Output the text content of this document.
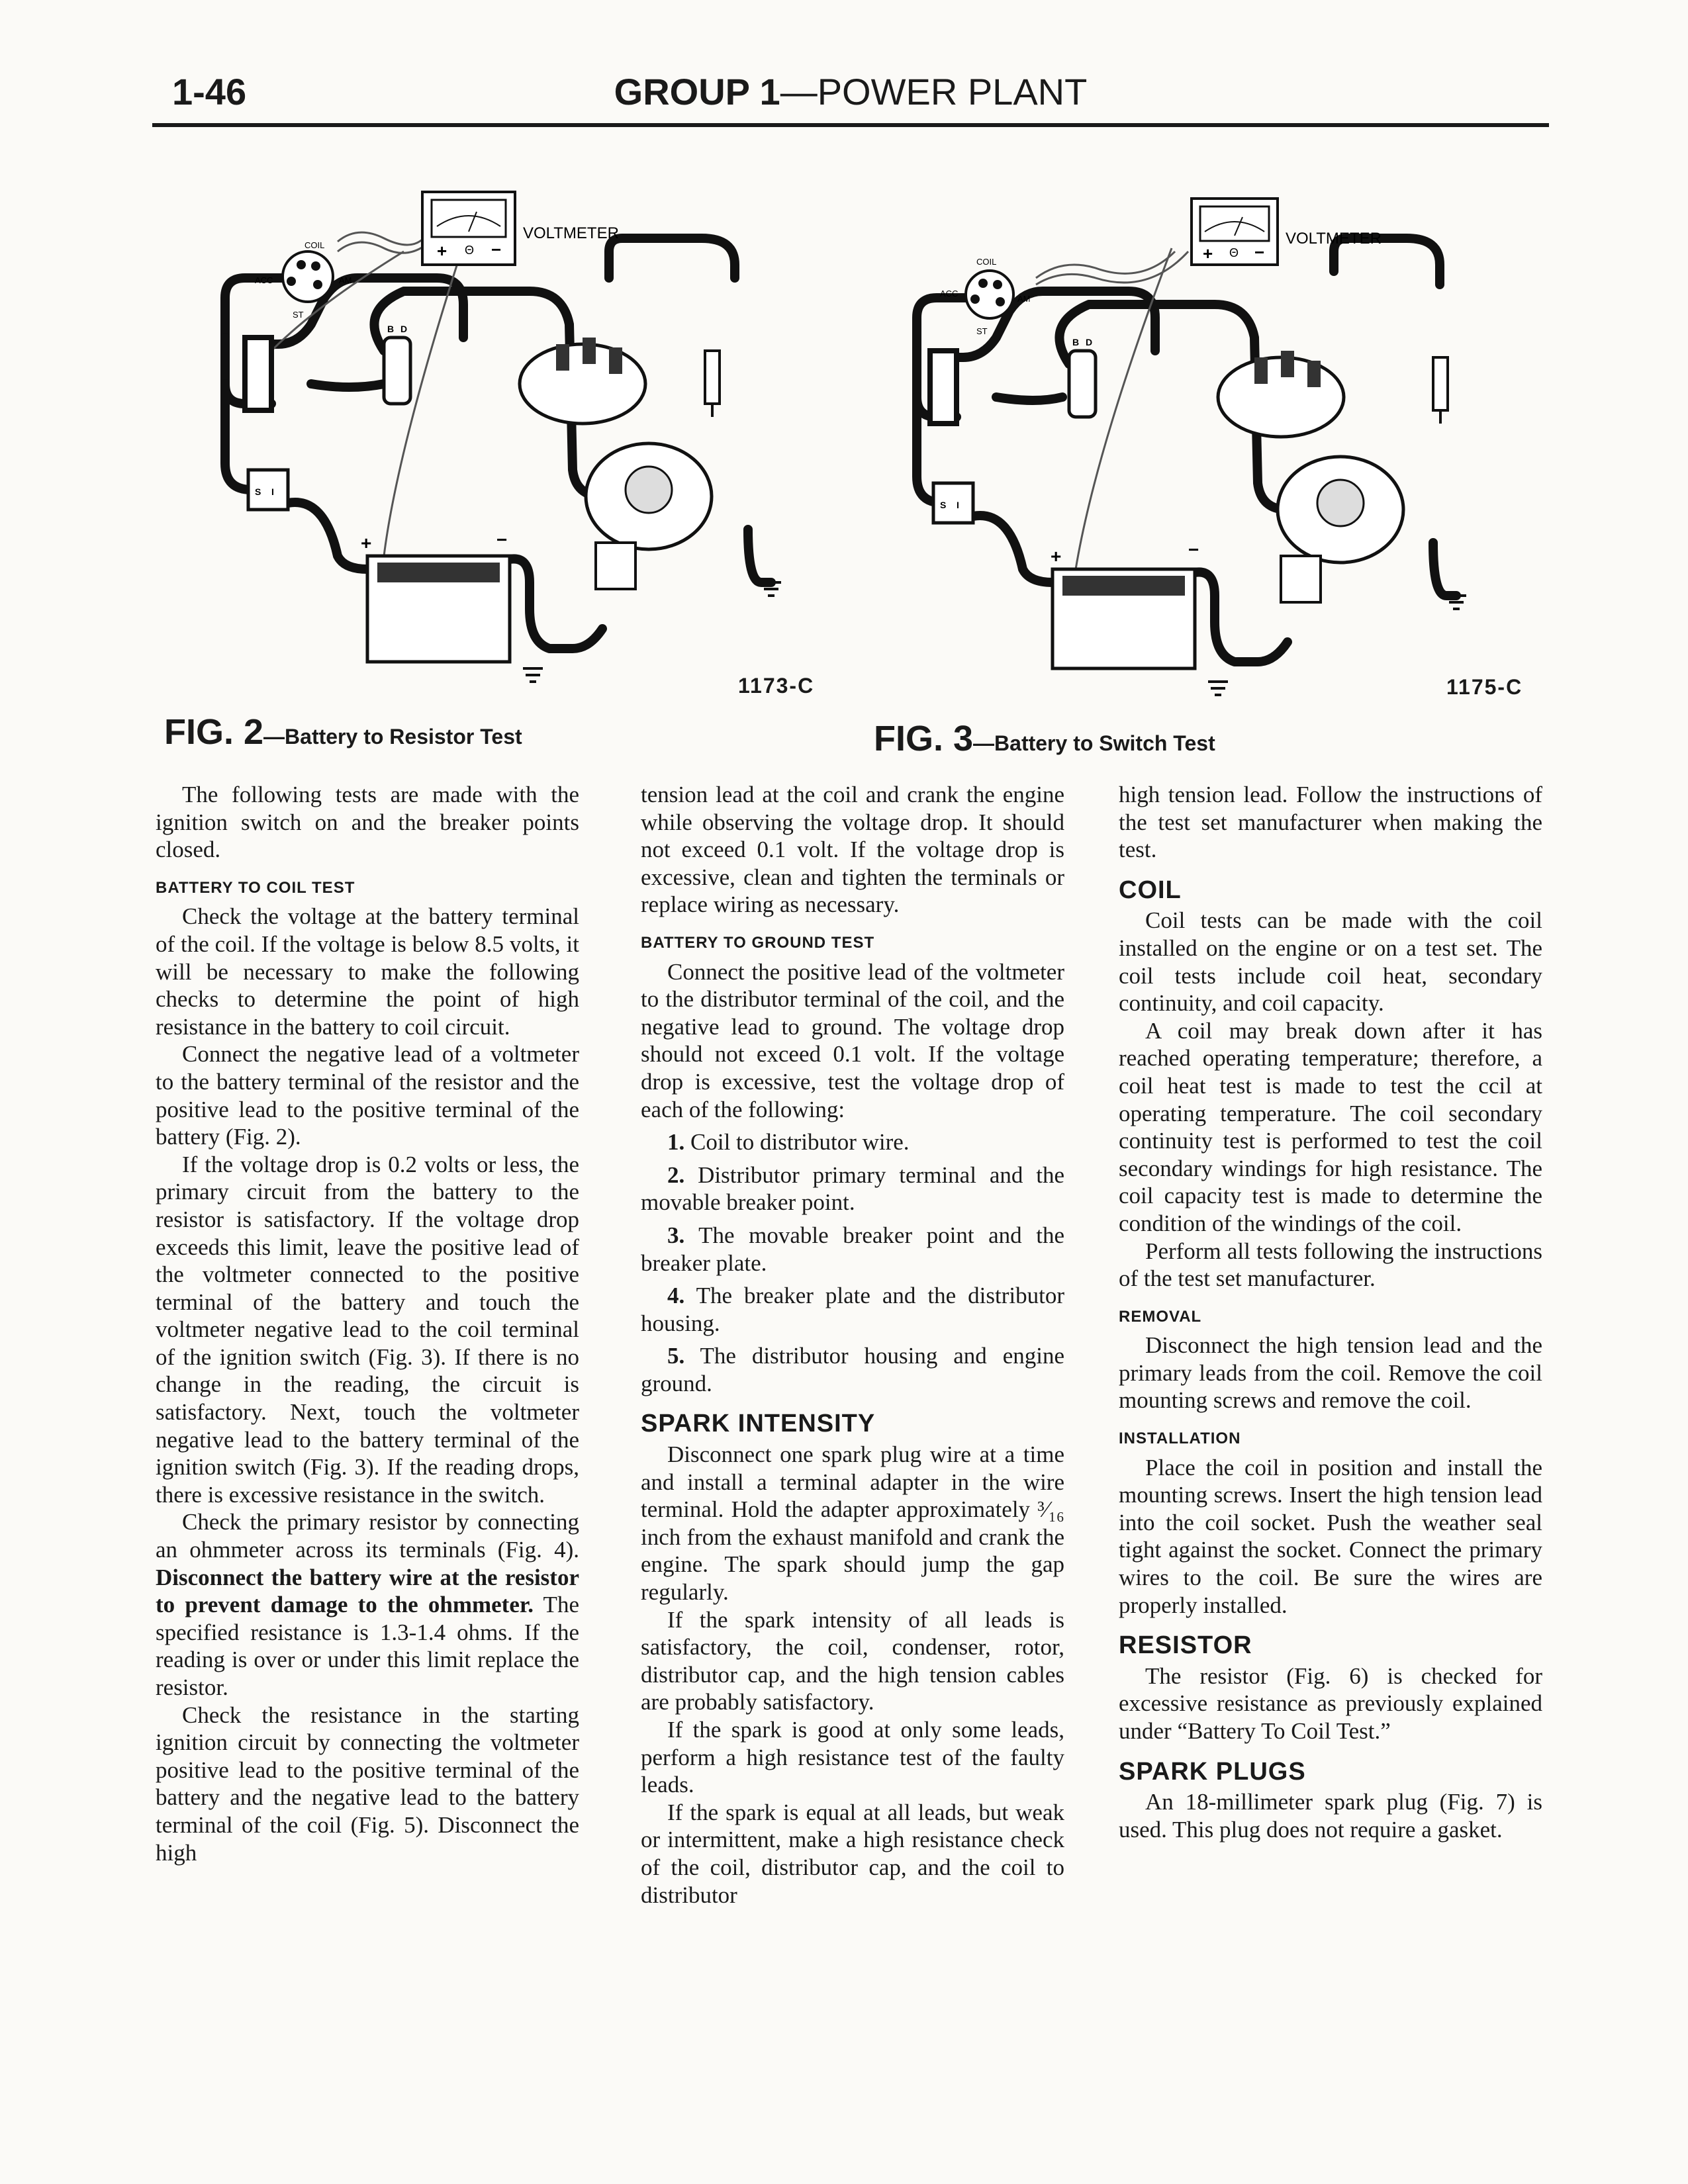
1-46	GROUP 1—POWER PLANT
+ Θ −
VOLTMETER
COIL
ACC	AM
ST
B D
S I
+	−
1173-C
+ Θ −
VOLTMETER
COIL
ACC
AM
ST
B D
S I
+	−
1175-C
FIG. 2—Battery to Resistor Test	FIG. 3—Battery to Switch Test

The following tests are made with the ignition switch on and the breaker points closed.

BATTERY TO COIL TEST

Check the voltage at the battery terminal of the coil. If the voltage is below 8.5 volts, it will be necessary to make the following checks to determine the point of high resistance in the battery to coil circuit.

Connect the negative lead of a voltmeter to the battery terminal of the resistor and the positive lead to the positive terminal of the battery (Fig. 2).

If the voltage drop is 0.2 volts or less, the primary circuit from the battery to the resistor is satisfactory. If the voltage drop exceeds this limit, leave the positive lead of the voltmeter connected to the positive terminal of the battery and touch the voltmeter negative lead to the coil terminal of the ignition switch (Fig. 3). If there is no change in the reading, the circuit is satisfactory. Next, touch the voltmeter negative lead to the battery terminal of the ignition switch (Fig. 3). If the reading drops, there is excessive resistance in the switch.

Check the primary resistor by connecting an ohmmeter across its terminals (Fig. 4). Disconnect the battery wire at the resistor to prevent damage to the ohmmeter. The specified resistance is 1.3-1.4 ohms. If the reading is over or under this limit replace the resistor.

Check the resistance in the starting ignition circuit by connecting the voltmeter positive lead to the positive terminal of the battery and the negative lead to the battery terminal of the coil (Fig. 5). Disconnect the high

tension lead at the coil and crank the engine while observing the voltage drop. It should not exceed 0.1 volt. If the voltage drop is excessive, clean and tighten the terminals or replace wiring as necessary.

BATTERY TO GROUND TEST

Connect the positive lead of the voltmeter to the distributor terminal of the coil, and the negative lead to ground. The voltage drop should not exceed 0.1 volt. If the voltage drop is excessive, test the voltage drop of each of the following:

1. Coil to distributor wire.

2. Distributor primary terminal and the movable breaker point.

3. The movable breaker point and the breaker plate.

4. The breaker plate and the distributor housing.

5. The distributor housing and engine ground.

SPARK INTENSITY

Disconnect one spark plug wire at a time and install a terminal adapter in the wire terminal. Hold the adapter approximately ³⁄₁₆ inch from the exhaust manifold and crank the engine. The spark should jump the gap regularly.

If the spark intensity of all leads is satisfactory, the coil, condenser, rotor, distributor cap, and the high tension cables are probably satisfactory.

If the spark is good at only some leads, perform a high resistance test of the faulty leads.

If the spark is equal at all leads, but weak or intermittent, make a high resistance check of the coil, distributor cap, and the coil to distributor

high tension lead. Follow the instructions of the test set manufacturer when making the test.

COIL

Coil tests can be made with the coil installed on the engine or on a test set. The coil tests include coil heat, secondary continuity, and coil capacity.

A coil may break down after it has reached operating temperature; therefore, a coil heat test is made to test the ccil at operating temperature. The coil secondary continuity test is performed to test the coil secondary windings for high resistance. The coil capacity test is made to determine the condition of the windings of the coil.

Perform all tests following the instructions of the test set manufacturer.

REMOVAL

Disconnect the high tension lead and the primary leads from the coil. Remove the coil mounting screws and remove the coil.

INSTALLATION

Place the coil in position and install the mounting screws. Insert the high tension lead into the coil socket. Push the weather seal tight against the socket. Connect the primary wires to the coil. Be sure the wires are properly installed.

RESISTOR

The resistor (Fig. 6) is checked for excessive resistance as previously explained under “Battery To Coil Test.”

SPARK PLUGS

An 18-millimeter spark plug (Fig. 7) is used. This plug does not require a gasket.
